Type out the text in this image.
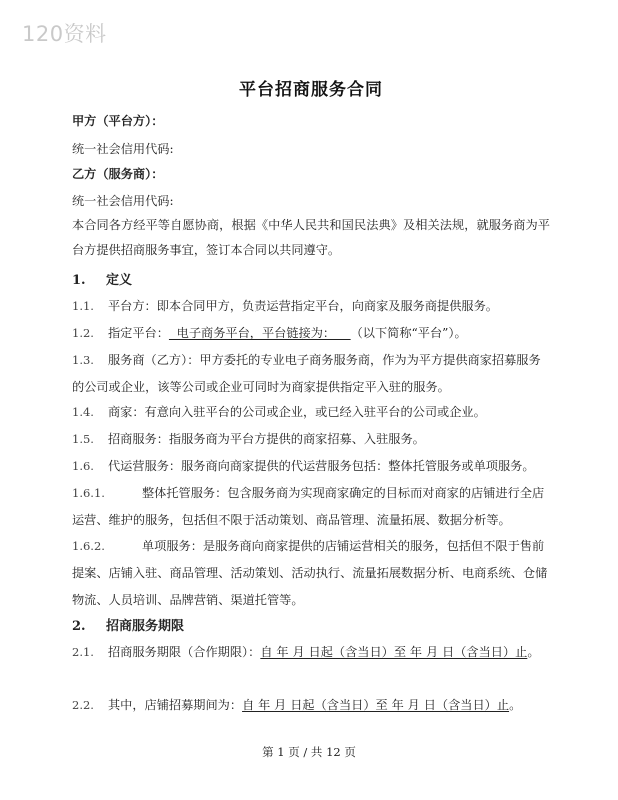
120资料
平台招商服务合同
甲方（平台方）：
统一社会信用代码:
乙方（服务商）：
统一社会信用代码:
本合同各方经平等自愿协商，根据《中华人民共和国民法典》及相关法规，就服务商为平台方提供招商服务事宜，签订本合同以共同遵守。
1. 定义
1.1. 平台方：即本合同甲方，负责运营指定平台，向商家及服务商提供服务。
1.2. 指定平台：  电子商务平台，平台链接为：    （以下简称“平台”）。
1.3. 服务商（乙方）：甲方委托的专业电子商务服务商，作为为平方提供商家招募服务的公司或企业，该等公司或企业可同时为商家提供指定平入驻的服务。
1.4. 商家：有意向入驻平台的公司或企业，或已经入驻平台的公司或企业。
1.5. 招商服务：指服务商为平台方提供的商家招募、入驻服务。
1.6. 代运营服务：服务商向商家提供的代运营服务包括：整体托管服务或单项服务。
1.6.1.	整体托管服务：包含服务商为实现商家确定的目标而对商家的店铺进行全店运营、维护的服务，包括但不限于活动策划、商品管理、流量拓展、数据分析等。
1.6.2.	单项服务：是服务商向商家提供的店铺运营相关的服务，包括但不限于售前提案、店铺入驻、商品管理、活动策划、活动执行、流量拓展数据分析、电商系统、仓储物流、人员培训、品牌营销、渠道托管等。
2. 招商服务期限
2.1. 招商服务期限（合作期限）：自 年 月 日起（含当日）至 年 月 日（含当日）止。
2.2. 其中，店铺招募期间为：自 年 月 日起（含当日）至 年 月 日（含当日）止。
第 1 页 / 共 12 页
